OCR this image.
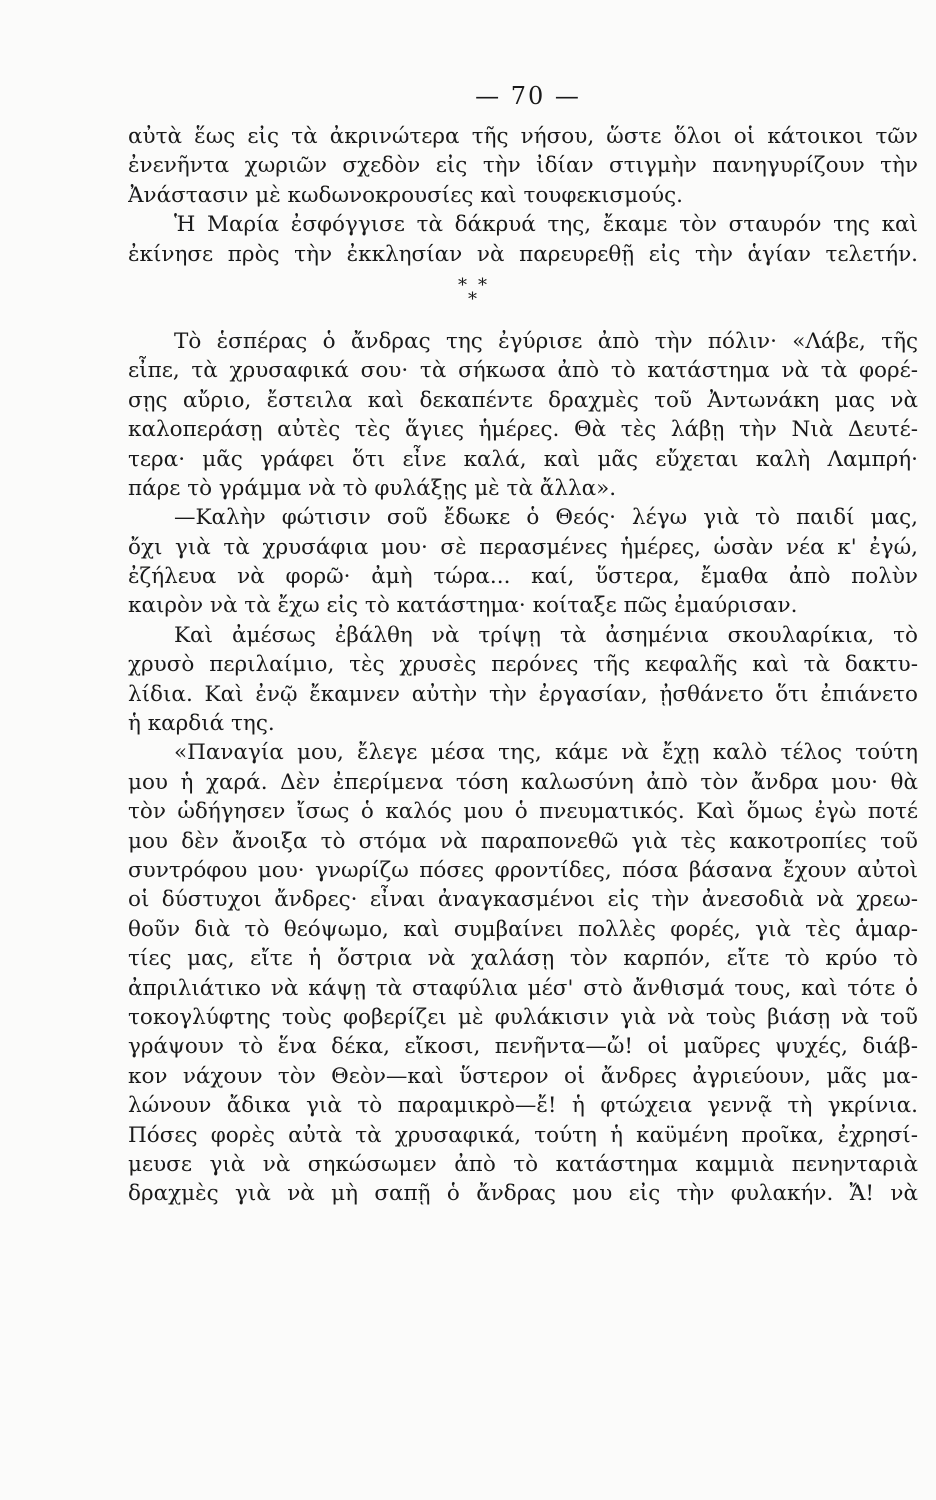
— 70 —
αὐτὰ ἕως εἰς τὰ ἀκρινώτερα τῆς νήσου, ὥστε ὅλοι οἱ κάτοικοι τῶν
ἐνενῆντα χωριῶν σχεδὸν εἰς τὴν ἰδίαν στιγμὴν πανηγυρίζουν τὴν
Ἀνάστασιν μὲ κωδωνοκρουσίες καὶ τουφεκισμούς.
Ἡ Μαρία ἐσφόγγισε τὰ δάκρυά της, ἔκαμε τὸν σταυρόν της καὶ
ἐκίνησε πρὸς τὴν ἐκκλησίαν νὰ παρευρεθῇ εἰς τὴν ἁγίαν τελετήν.
* *
*
Τὸ ἑσπέρας ὁ ἄνδρας της ἐγύρισε ἀπὸ τὴν πόλιν· «Λάβε, τῆς
εἶπε, τὰ χρυσαφικά σου· τὰ σήκωσα ἀπὸ τὸ κατάστημα νὰ τὰ φορέ-
σῃς αὔριο, ἔστειλα καὶ δεκαπέντε δραχμὲς τοῦ Ἀντωνάκη μας νὰ
καλοπεράσῃ αὐτὲς τὲς ἅγιες ἡμέρες. Θὰ τὲς λάβῃ τὴν Νιὰ Δευτέ-
τερα· μᾶς γράφει ὅτι εἶνε καλά, καὶ μᾶς εὔχεται καλὴ Λαμπρή·
πάρε τὸ γράμμα νὰ τὸ φυλάξῃς μὲ τὰ ἄλλα».
—Καλὴν φώτισιν σοῦ ἔδωκε ὁ Θεός· λέγω γιὰ τὸ παιδί μας,
ὄχι γιὰ τὰ χρυσάφια μου· σὲ περασμένες ἡμέρες, ὡσὰν νέα κ' ἐγώ,
ἐζήλευα νὰ φορῶ· ἀμὴ τώρα... καί, ὕστερα, ἔμαθα ἀπὸ πολὺν
καιρὸν νὰ τὰ ἔχω εἰς τὸ κατάστημα· κοίταξε πῶς ἐμαύρισαν.
Καὶ ἀμέσως ἐβάλθη νὰ τρίψῃ τὰ ἀσημένια σκουλαρίκια, τὸ
χρυσὸ περιλαίμιο, τὲς χρυσὲς περόνες τῆς κεφαλῆς καὶ τὰ δακτυ-
λίδια. Καὶ ἐνῷ ἔκαμνεν αὐτὴν τὴν ἐργασίαν, ᾐσθάνετο ὅτι ἐπιάνετο
ἡ καρδιά της.
«Παναγία μου, ἔλεγε μέσα της, κάμε νὰ ἔχῃ καλὸ τέλος τούτη
μου ἡ χαρά. Δὲν ἐπερίμενα τόση καλωσύνη ἀπὸ τὸν ἄνδρα μου· θὰ
τὸν ὡδήγησεν ἴσως ὁ καλός μου ὁ πνευματικός. Καὶ ὅμως ἐγὼ ποτέ
μου δὲν ἄνοιξα τὸ στόμα νὰ παραπονεθῶ γιὰ τὲς κακοτροπίες τοῦ
συντρόφου μου· γνωρίζω πόσες φροντίδες, πόσα βάσανα ἔχουν αὐτοὶ
οἱ δύστυχοι ἄνδρες· εἶναι ἀναγκασμένοι εἰς τὴν ἀνεσοδιὰ νὰ χρεω-
θοῦν διὰ τὸ θεόψωμο, καὶ συμβαίνει πολλὲς φορές, γιὰ τὲς ἁμαρ-
τίες μας, εἴτε ἡ ὄστρια νὰ χαλάσῃ τὸν καρπόν, εἴτε τὸ κρύο τὸ
ἀπριλιάτικο νὰ κάψῃ τὰ σταφύλια μέσ' στὸ ἄνθισμά τους, καὶ τότε ὁ
τοκογλύφτης τοὺς φοβερίζει μὲ φυλάκισιν γιὰ νὰ τοὺς βιάσῃ νὰ τοῦ
γράψουν τὸ ἕνα δέκα, εἴκοσι, πενῆντα—ὤ! οἱ μαῦρες ψυχές, διάβ-
κον νάχουν τὸν Θεὸν—καὶ ὕστερον οἱ ἄνδρες ἀγριεύουν, μᾶς μα-
λώνουν ἄδικα γιὰ τὸ παραμικρὸ—ἔ! ἡ φτώχεια γεννᾷ τὴ γκρίνια.
Πόσες φορὲς αὐτὰ τὰ χρυσαφικά, τούτη ἡ καϋμένη προῖκα, ἐχρησί-
μευσε γιὰ νὰ σηκώσωμεν ἀπὸ τὸ κατάστημα καμμιὰ πενηνταριὰ
δραχμὲς γιὰ νὰ μὴ σαπῇ ὁ ἄνδρας μου εἰς τὴν φυλακήν. Ἄ! νὰ
